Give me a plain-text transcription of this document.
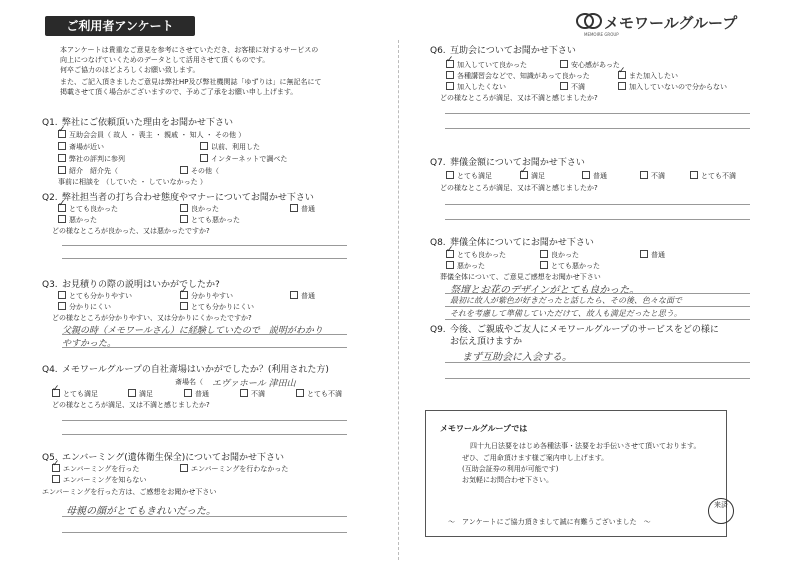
ご利用者アンケート	メモワールグループ
MEMOIRE GROUP
本アンケートは貴重なご意見を参考にさせていただき、お客様に対するサービスの
向上につなげていくためのデータとして活用させて頂くものです。
何卒ご協力のほどよろしくお願い致します。
また、ご記入頂きましたご意見は弊社HP及び弊社機関誌「ゆずりは」に無記名にて
掲載させて頂く場合がございますので、予めご了承をお願い申し上げます。
Q1. 弊社にご依頼頂いた理由をお聞かせ下さい
✓互助会会員（ 故人 ・ 喪主 ・ 親戚 ・ 知人 ・ その他 ）
斎場が近い	以前、利用した
弊社の評判に参列	インターネットで調べた
紹介　紹介先（	その他（
事前に相談を （していた ・ していなかった ）
Q2. 弊社担当者の打ち合わせ態度やマナーについてお聞かせ下さい
✓とても良かった	良かった	普通
悪かった	とても悪かった
どの様なところが良かった、又は悪かったですか?
Q3. お見積りの際の説明はいかがでしたか?
とても分かりやすい ✓	分かりやすい	普通
分かりにくい	とても分かりにくい
どの様なところが分かりやすい、又は分かりにくかったですか?
父親の時（メモワールさん）に経験していたので　説明がわかり
やすかった。
Q4. メモワールグループの自社斎場はいかがでしたか？(利用された方)
斎場名（ エヴァホール 津田山
✓とても満足	満足	普通	不満	とても不満
どの様なところが満足、又は不満と感じましたか?
Q5. エンバーミング(遺体衛生保全)についてお聞かせ下さい
✓エンバーミングを行った	エンバーミングを行わなかった
エンバーミングを知らない
エンバーミングを行った方は、ご感想をお聞かせ下さい
母親の顔がとてもきれいだった。
Q6. 互助会についてお聞かせ下さい
✓加入していて良かった	安心感があった
各種講習会などで、知識があって良かった ✓	また加入したい
加入したくない	不満	加入していないので分からない
どの様なところが満足、又は不満と感じましたか?
Q7. 葬儀金額についてお聞かせ下さい
とても満足 ✓	満足	普通	不満	とても不満
どの様なところが満足、又は不満と感じましたか?
Q8. 葬儀全体についてにお聞かせ下さい
✓とても良かった	良かった	普通
悪かった	とても悪かった
葬儀全体について、ご意見ご感想をお聞かせ下さい
祭壇とお花のデザインがとても良かった。
最初に故人が紫色が好きだったと話したら、その後、色々な面で
それを考慮して準備していただけて、故人も満足だったと思う。
Q9. 今後、ご親戚やご友人にメモワールグループのサービスをどの様に
お伝え頂けますか
まず互助会に入会する。
メモワールグループでは
四十九日法要をはじめ各種法事・法要をお手伝いさせて頂いております。
ぜひ、ご用命頂けます様ご案内申し上げます。
(互助会証券の利用が可能です)
お気軽にお問合わせ下さい。
～　アンケートにご協力頂きまして誠に有難うございました　～
来済
